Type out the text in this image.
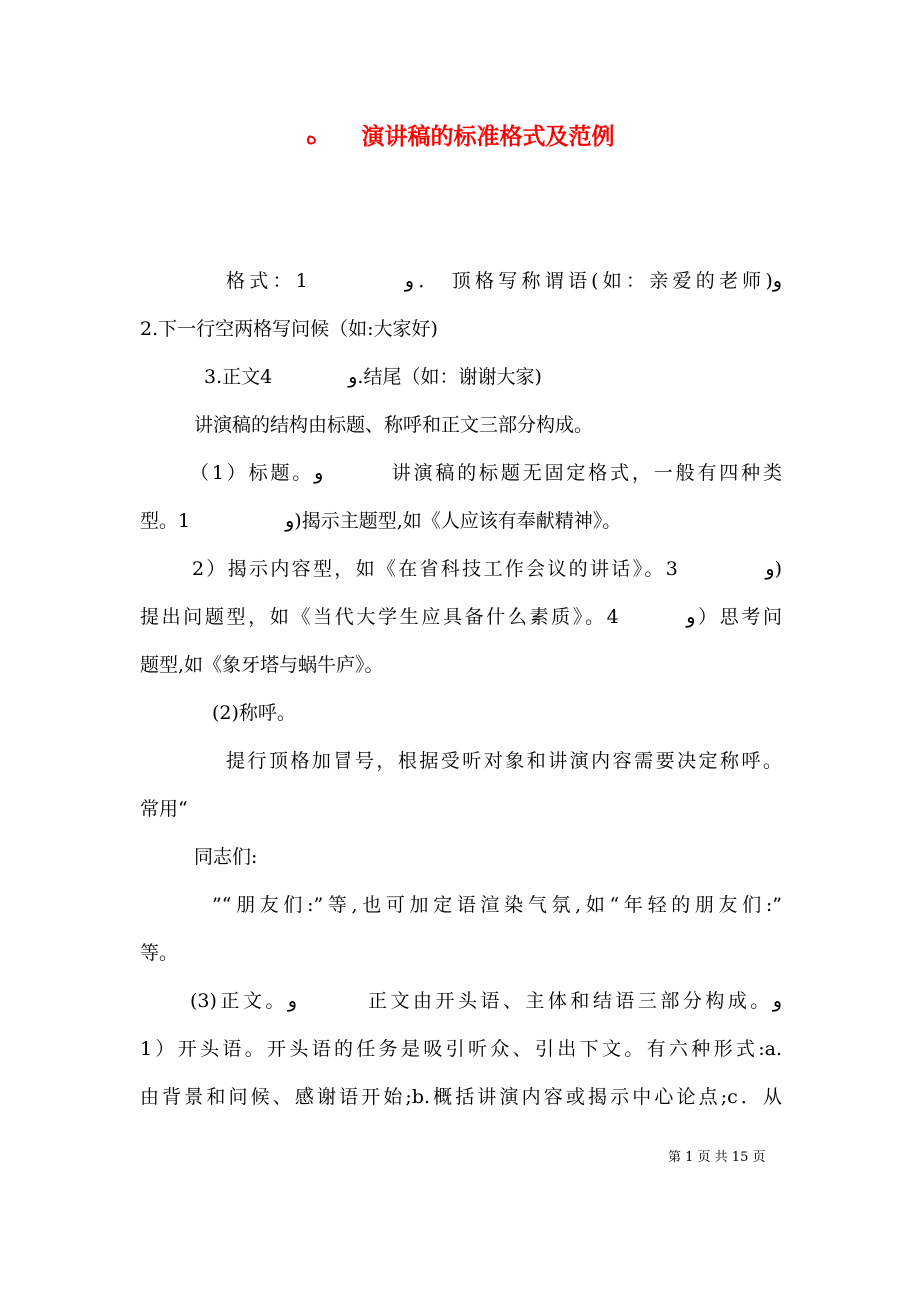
ه 演讲稿的标准格式及范例
格式：1　　　　و． 顶格写称谓语(如：亲爱的老师)و
2.下一行空两格写问候（如:大家好)
3.正文4　　　　و.结尾（如：谢谢大家)
讲演稿的结构由标题、称呼和正文三部分构成。
（1）标题。و　　　讲演稿的标题无固定格式，一般有四种类
型。1　　　　　و)揭示主题型,如《人应该有奉献精神》。
2）揭示内容型，如《在省科技工作会议的讲话》。3　　　　و)
提出问题型，如《当代大学生应具备什么素质》。4　　　و）思考问
题型,如《象牙塔与蜗牛庐》。
(2)称呼。
提行顶格加冒号，根据受听对象和讲演内容需要决定称呼。
常用“
同志们:
”“朋友们:”等,也可加定语渲染气氛,如“年轻的朋友们:”
等。
(3)正文。و　　　正文由开头语、主体和结语三部分构成。و
1）开头语。开头语的任务是吸引听众、引出下文。有六种形式:a.
由背景和问候、感谢语开始;b.概括讲演内容或揭示中心论点;c．从
第 1 页 共 15 页
